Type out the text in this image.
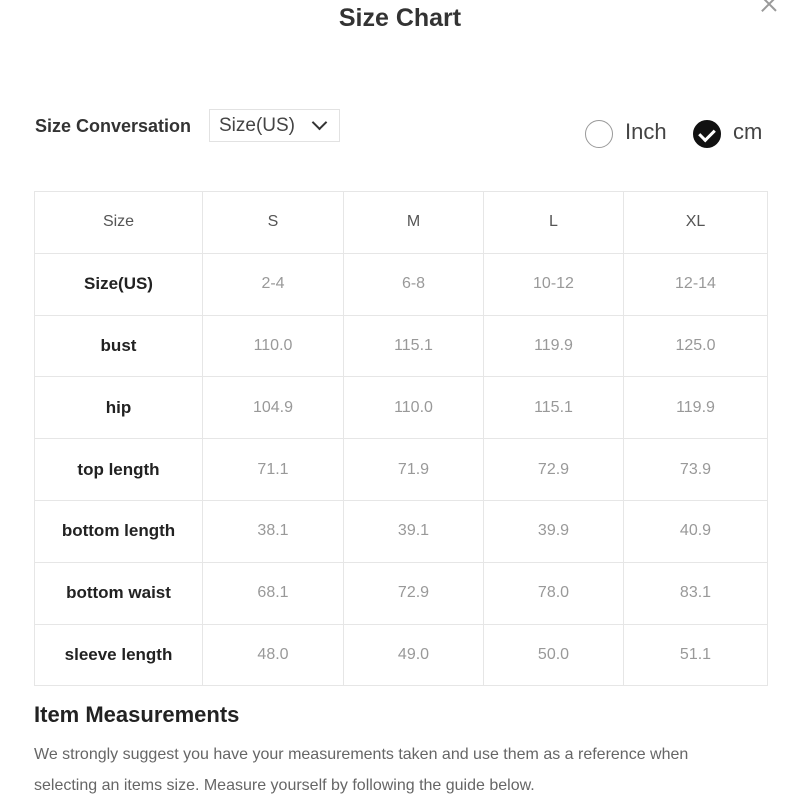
Size Chart
Size Conversation Size(US)	Inch	cm
Size	S	M	L	XL
Size(US)	2-4	6-8	10-12	12-14
bust	110.0	115.1	119.9	125.0
hip	104.9	110.0	115.1	119.9
top length	71.1	71.9	72.9	73.9
bottom length	38.1	39.1	39.9	40.9
bottom waist	68.1	72.9	78.0	83.1
sleeve length	48.0	49.0	50.0	51.1
Item Measurements
We strongly suggest you have your measurements taken and use them as a reference when selecting an items size. Measure yourself by following the guide below.
